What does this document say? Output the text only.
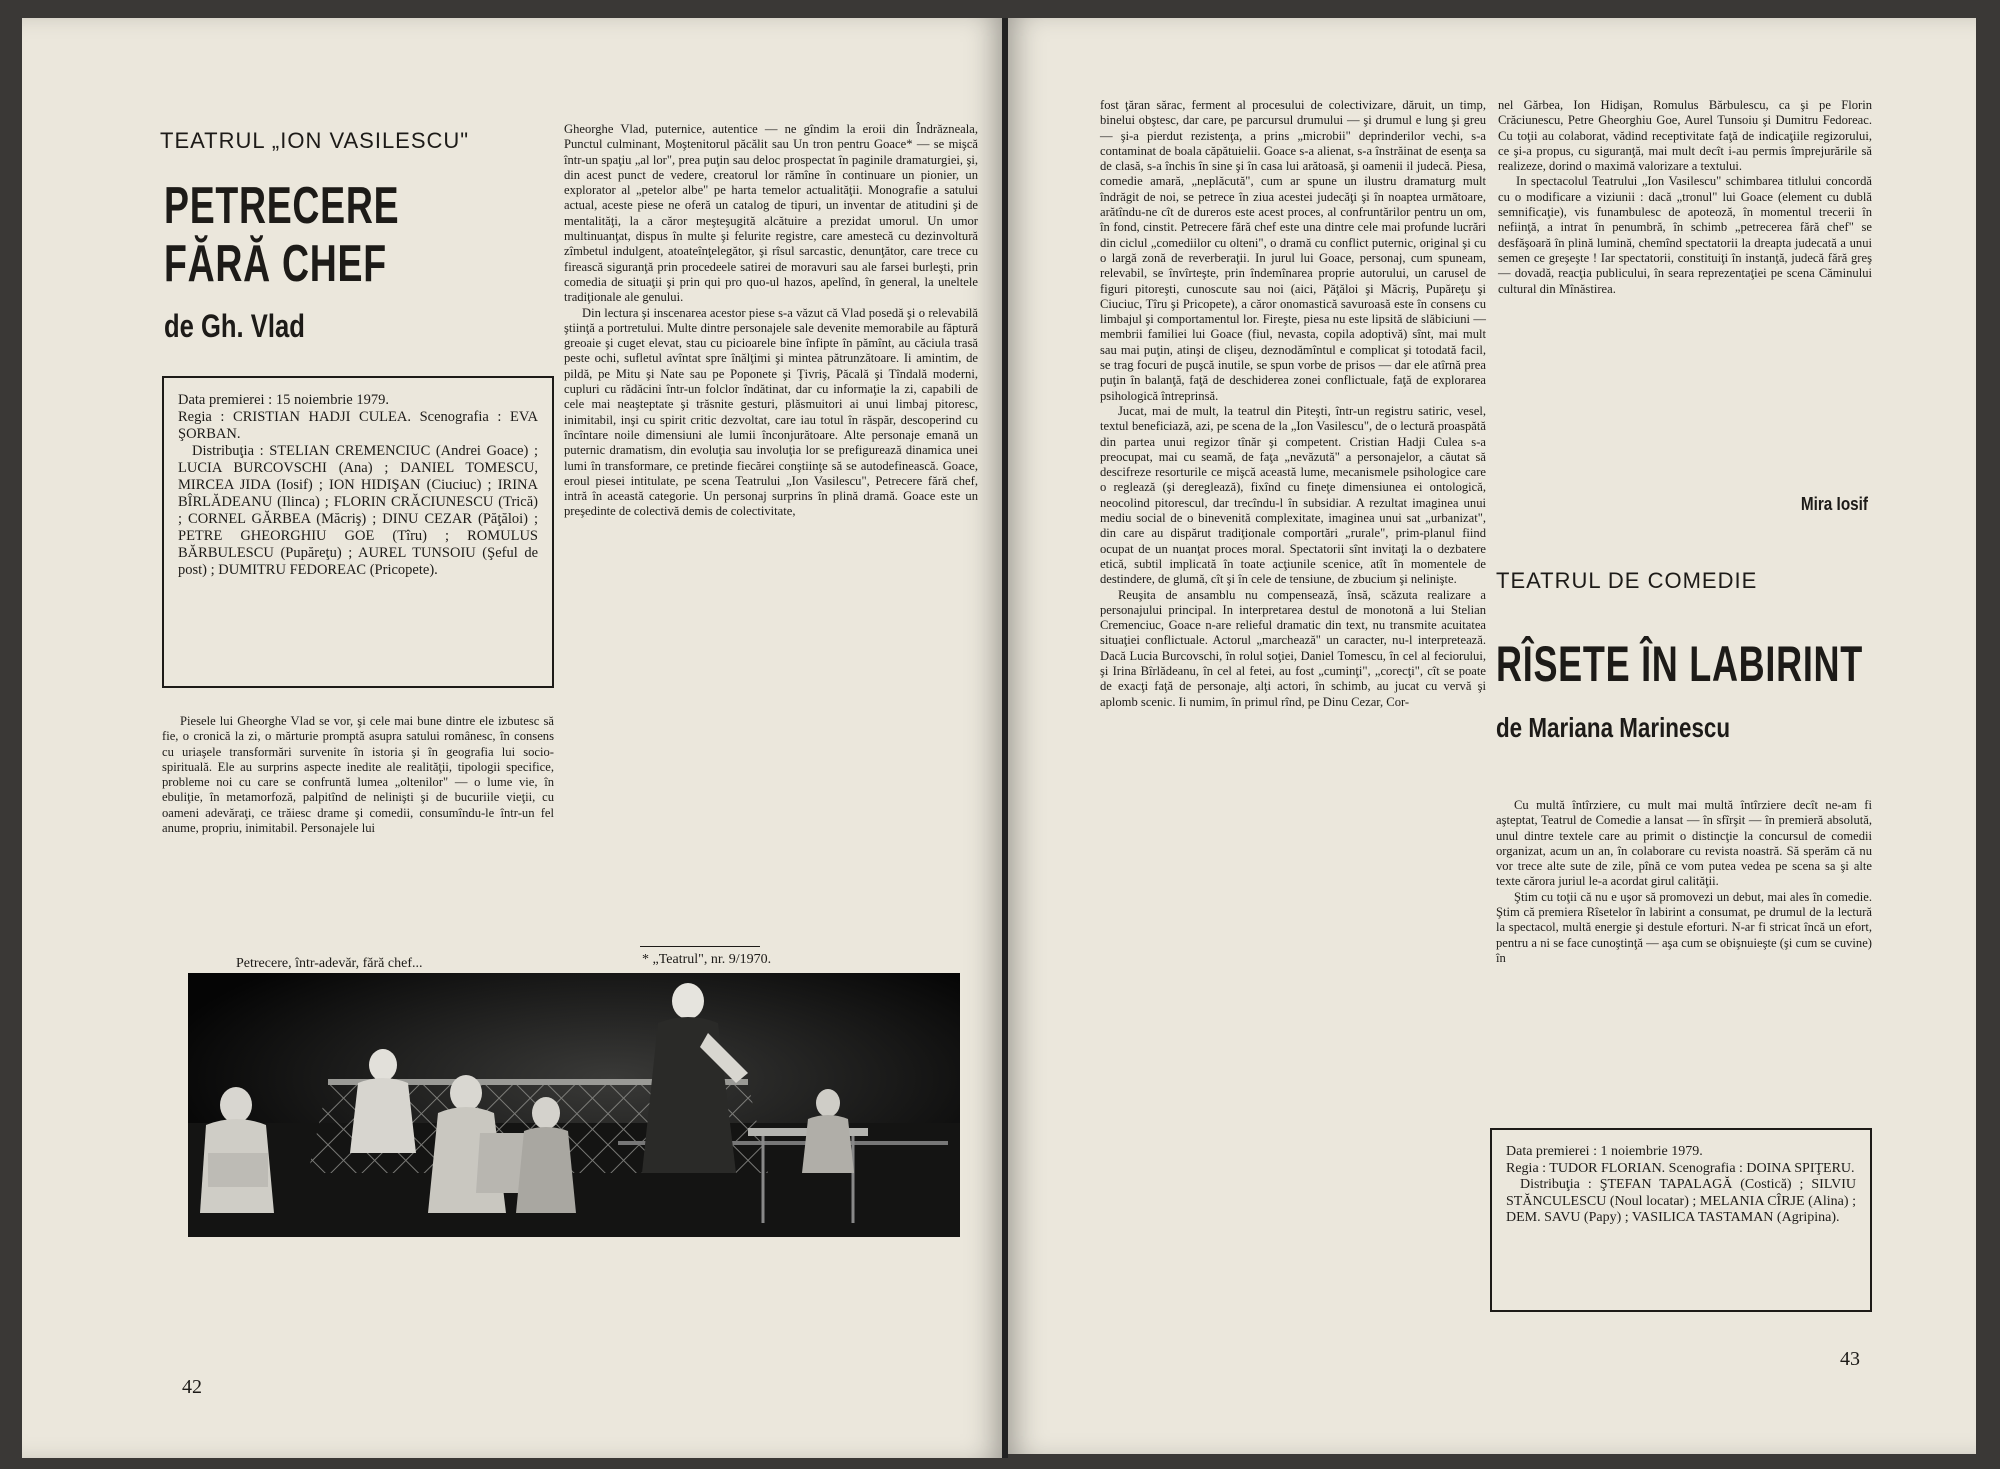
TEATRUL „ION VASILESCU"
PETRECERE
FĂRĂ CHEF
de Gh. Vlad

Data premierei : 15 noiembrie 1979.

Regia : CRISTIAN HADJI CULEA. Scenografia : EVA ŞORBAN.

Distribuţia : STELIAN CREMENCIUC (Andrei Goace) ; LUCIA BURCOVSCHI (Ana) ; DANIEL TOMESCU, MIRCEA JIDA (Iosif) ; ION HIDIŞAN (Ciuciuc) ; IRINA BÎRLĂDEANU (Ilinca) ; FLORIN CRĂCIUNESCU (Trică) ; CORNEL GĂRBEA (Măcriş) ; DINU CEZAR (Păţăloi) ; PETRE GHEORGHIU GOE (Tîru) ; ROMULUS BĂRBULESCU (Pupăreţu) ; AUREL TUNSOIU (Şeful de post) ; DUMITRU FEDOREAC (Pricopete).

Piesele lui Gheorghe Vlad se vor, şi cele mai bune dintre ele izbutesc să fie, o cronică la zi, o mărturie promptă asupra satului românesc, în consens cu uriaşele transformări survenite în istoria şi în geografia lui socio-spirituală. Ele au surprins aspecte inedite ale realităţii, tipologii specifice, probleme noi cu care se confruntă lumea „oltenilor" — o lume vie, în ebuliţie, în metamorfoză, palpitînd de nelinişti şi de bucuriile vieţii, cu oameni adevăraţi, ce trăiesc drame şi comedii, consumîndu-le într-un fel anume, propriu, inimitabil. Personajele lui

Gheorghe Vlad, puternice, autentice — ne gîndim la eroii din Îndrăzneala, Punctul culminant, Moştenitorul păcălit sau Un tron pentru Goace* — se mişcă într-un spaţiu „al lor", prea puţin sau deloc prospectat în paginile dramaturgiei, şi, din acest punct de vedere, creatorul lor rămîne în continuare un pionier, un explorator al „petelor albe" pe harta temelor actualităţii. Monografie a satului actual, aceste piese ne oferă un catalog de tipuri, un inventar de atitudini şi de mentalităţi, la a căror meşteşugită alcătuire a prezidat umorul. Un umor multinuanţat, dispus în multe şi felurite registre, care amestecă cu dezinvoltură zîmbetul indulgent, atoateînţelegător, şi rîsul sarcastic, denunţător, care trece cu firească siguranţă prin procedeele satirei de moravuri sau ale farsei burleşti, prin comedia de situaţii şi prin qui pro quo-ul hazos, apelînd, în general, la uneltele tradiţionale ale genului.

Din lectura şi inscenarea acestor piese s-a văzut că Vlad posedă şi o relevabilă ştiinţă a portretului. Multe dintre personajele sale devenite memorabile au făptură greoaie şi cuget elevat, stau cu picioarele bine înfipte în pămînt, au căciula trasă peste ochi, sufletul avîntat spre înălţimi şi mintea pătrunzătoare. Ii amintim, de pildă, pe Mitu şi Nate sau pe Poponete şi Ţivriş, Păcală şi Tîndală moderni, cupluri cu rădăcini într-un folclor îndătinat, dar cu informaţie la zi, capabili de cele mai neaşteptate şi trăsnite gesturi, plăsmuitori ai unui limbaj pitoresc, inimitabil, inşi cu spirit critic dezvoltat, care iau totul în răspăr, descoperind cu încîntare noile dimensiuni ale lumii înconjurătoare. Alte personaje emană un puternic dramatism, din evoluţia sau involuţia lor se prefigurează dinamica unei lumi în transformare, ce pretinde fiecărei conştiinţe să se autodefinească. Goace, eroul piesei intitulate, pe scena Teatrului „Ion Vasilescu", Petrecere fără chef, intră în această categorie. Un personaj surprins în plină dramă. Goace este un preşedinte de colectivă demis de colectivitate,

Petrecere, într-adevăr, fără chef...	* „Teatrul", nr. 9/1970.
42

fost ţăran sărac, ferment al procesului de colectivizare, dăruit, un timp, binelui obştesc, dar care, pe parcursul drumului — şi drumul e lung şi greu — şi-a pierdut rezistenţa, a prins „microbii" deprinderilor vechi, s-a contaminat de boala căpătuielii. Goace s-a alienat, s-a înstrăinat de esenţa sa de clasă, s-a închis în sine şi în casa lui arătoasă, şi oamenii il judecă. Piesa, comedie amară, „neplăcută", cum ar spune un ilustru dramaturg mult îndrăgit de noi, se petrece în ziua acestei judecăţi şi în noaptea următoare, arătîndu-ne cît de dureros este acest proces, al confruntărilor pentru un om, în fond, cinstit. Petrecere fără chef este una dintre cele mai profunde lucrări din ciclul „comediilor cu olteni", o dramă cu conflict puternic, original şi cu o largă zonă de reverberaţii. In jurul lui Goace, personaj, cum spuneam, relevabil, se învîrteşte, prin îndemînarea proprie autorului, un carusel de figuri pitoreşti, cunoscute sau noi (aici, Păţăloi şi Măcriş, Pupăreţu şi Ciuciuc, Tîru şi Pricopete), a căror onomastică savuroasă este în consens cu limbajul şi comportamentul lor. Fireşte, piesa nu este lipsită de slăbiciuni — membrii familiei lui Goace (fiul, nevasta, copila adoptivă) sînt, mai mult sau mai puţin, atinşi de clişeu, deznodămîntul e complicat şi totodată facil, se trag focuri de puşcă inutile, se spun vorbe de prisos — dar ele atîrnă prea puţin în balanţă, faţă de deschiderea zonei conflictuale, faţă de explorarea psihologică întreprinsă.

Jucat, mai de mult, la teatrul din Piteşti, într-un registru satiric, vesel, textul beneficiază, azi, pe scena de la „Ion Vasilescu", de o lectură proaspătă din partea unui regizor tînăr şi competent. Cristian Hadji Culea s-a preocupat, mai cu seamă, de faţa „nevăzută" a personajelor, a căutat să descifreze resorturile ce mişcă această lume, mecanismele psihologice care o reglează (şi dereglează), fixînd cu fineţe dimensiunea ei ontologică, neocolind pitorescul, dar trecîndu-l în subsidiar. A rezultat imaginea unui mediu social de o binevenită complexitate, imaginea unui sat „urbanizat", din care au dispărut tradiţionale comportări „rurale", prim-planul fiind ocupat de un nuanţat proces moral. Spectatorii sînt invitaţi la o dezbatere etică, subtil implicată în toate acţiunile scenice, atît în momentele de destindere, de glumă, cît şi în cele de tensiune, de zbucium şi nelinişte.

Reuşita de ansamblu nu compensează, însă, scăzuta realizare a personajului principal. In interpretarea destul de monotonă a lui Stelian Cremenciuc, Goace n-are relieful dramatic din text, nu transmite acuitatea situaţiei conflictuale. Actorul „marchează" un caracter, nu-l interpretează. Dacă Lucia Burcovschi, în rolul soţiei, Daniel Tomescu, în cel al feciorului, şi Irina Bîrlădeanu, în cel al fetei, au fost „cuminţi", „corecţi", cît se poate de exacţi faţă de personaje, alţi actori, în schimb, au jucat cu vervă şi aplomb scenic. Ii numim, în primul rînd, pe Dinu Cezar, Cor-

nel Gărbea, Ion Hidişan, Romulus Bărbulescu, ca şi pe Florin Crăciunescu, Petre Gheorghiu Goe, Aurel Tunsoiu şi Dumitru Fedoreac. Cu toţii au colaborat, vădind receptivitate faţă de indicaţiile regizorului, ce şi-a propus, cu siguranţă, mai mult decît i-au permis împrejurările să realizeze, dorind o maximă valorizare a textului.

In spectacolul Teatrului „Ion Vasilescu" schimbarea titlului concordă cu o modificare a viziunii : dacă „tronul" lui Goace (element cu dublă semnificaţie), vis funambulesc de apoteoză, în momentul trecerii în nefiinţă, a intrat în penumbră, în schimb „petrecerea fără chef" se desfăşoară în plină lumină, chemînd spectatorii la dreapta judecată a unui semen ce greşeşte ! Iar spectatorii, constituiţi în instanţă, judecă fără greş — dovadă, reacţia publicului, în seara reprezentaţiei pe scena Căminului cultural din Mînăstirea.

Mira Iosif
TEATRUL DE COMEDIE
RÎSETE ÎN LABIRINT
de Mariana Marinescu

Cu multă întîrziere, cu mult mai multă întîrziere decît ne-am fi aşteptat, Teatrul de Comedie a lansat — în sfîrşit — în premieră absolută, unul dintre textele care au primit o distincţie la concursul de comedii organizat, acum un an, în colaborare cu revista noastră. Să sperăm că nu vor trece alte sute de zile, pînă ce vom putea vedea pe scena sa şi alte texte cărora juriul le-a acordat girul calităţii.

Ştim cu toţii că nu e uşor să promovezi un debut, mai ales în comedie. Ştim că premiera Rîsetelor în labirint a consumat, pe drumul de la lectură la spectacol, multă energie şi destule eforturi. N-ar fi stricat încă un efort, pentru a ni se face cunoştinţă — aşa cum se obişnuieşte (şi cum se cuvine) în

Data premierei : 1 noiembrie 1979.

Regia : TUDOR FLORIAN. Scenografia : DOINA SPIŢERU.

Distribuţia : ŞTEFAN TAPALAGĂ (Costică) ; SILVIU STĂNCULESCU (Noul locatar) ; MELANIA CÎRJE (Alina) ; DEM. SAVU (Papy) ; VASILICA TASTAMAN (Agripina).

43
